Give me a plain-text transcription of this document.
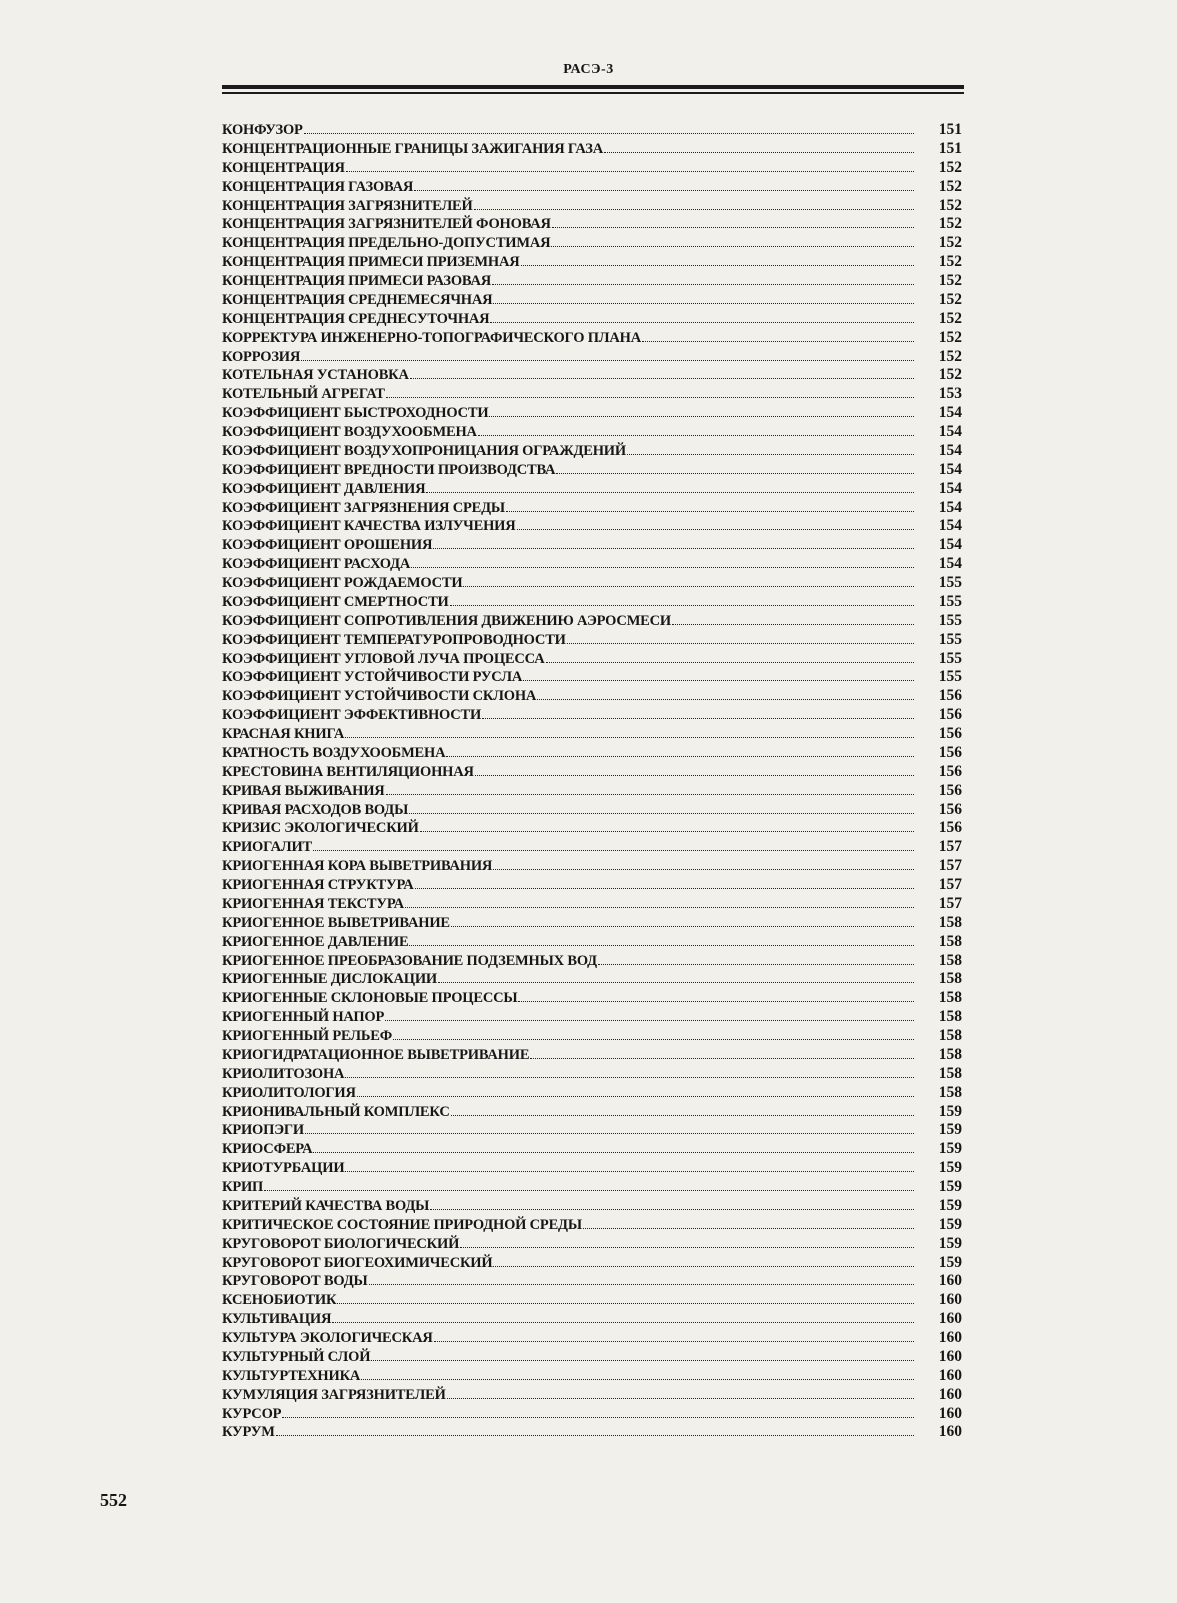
РАСЭ-3
КОНФУЗОР	151
КОНЦЕНТРАЦИОННЫЕ ГРАНИЦЫ ЗАЖИГАНИЯ ГАЗА	151
КОНЦЕНТРАЦИЯ	152
КОНЦЕНТРАЦИЯ ГАЗОВАЯ	152
КОНЦЕНТРАЦИЯ ЗАГРЯЗНИТЕЛЕЙ	152
КОНЦЕНТРАЦИЯ ЗАГРЯЗНИТЕЛЕЙ ФОНОВАЯ	152
КОНЦЕНТРАЦИЯ ПРЕДЕЛЬНО-ДОПУСТИМАЯ	152
КОНЦЕНТРАЦИЯ ПРИМЕСИ ПРИЗЕМНАЯ	152
КОНЦЕНТРАЦИЯ ПРИМЕСИ РАЗОВАЯ	152
КОНЦЕНТРАЦИЯ СРЕДНЕМЕСЯЧНАЯ	152
КОНЦЕНТРАЦИЯ СРЕДНЕСУТОЧНАЯ	152
КОРРЕКТУРА ИНЖЕНЕРНО-ТОПОГРАФИЧЕСКОГО ПЛАНА	152
КОРРОЗИЯ	152
КОТЕЛЬНАЯ УСТАНОВКА	152
КОТЕЛЬНЫЙ АГРЕГАТ	153
КОЭФФИЦИЕНТ БЫСТРОХОДНОСТИ	154
КОЭФФИЦИЕНТ ВОЗДУХООБМЕНА	154
КОЭФФИЦИЕНТ ВОЗДУХОПРОНИЦАНИЯ ОГРАЖДЕНИЙ	154
КОЭФФИЦИЕНТ ВРЕДНОСТИ ПРОИЗВОДСТВА	154
КОЭФФИЦИЕНТ ДАВЛЕНИЯ	154
КОЭФФИЦИЕНТ ЗАГРЯЗНЕНИЯ СРЕДЫ	154
КОЭФФИЦИЕНТ КАЧЕСТВА ИЗЛУЧЕНИЯ	154
КОЭФФИЦИЕНТ ОРОШЕНИЯ	154
КОЭФФИЦИЕНТ РАСХОДА	154
КОЭФФИЦИЕНТ РОЖДАЕМОСТИ	155
КОЭФФИЦИЕНТ СМЕРТНОСТИ	155
КОЭФФИЦИЕНТ СОПРОТИВЛЕНИЯ ДВИЖЕНИЮ АЭРОСМЕСИ	155
КОЭФФИЦИЕНТ ТЕМПЕРАТУРОПРОВОДНОСТИ	155
КОЭФФИЦИЕНТ УГЛОВОЙ ЛУЧА ПРОЦЕССА	155
КОЭФФИЦИЕНТ УСТОЙЧИВОСТИ РУСЛА	155
КОЭФФИЦИЕНТ УСТОЙЧИВОСТИ СКЛОНА	156
КОЭФФИЦИЕНТ ЭФФЕКТИВНОСТИ	156
КРАСНАЯ КНИГА	156
КРАТНОСТЬ ВОЗДУХООБМЕНА	156
КРЕСТОВИНА ВЕНТИЛЯЦИОННАЯ	156
КРИВАЯ ВЫЖИВАНИЯ	156
КРИВАЯ РАСХОДОВ ВОДЫ	156
КРИЗИС ЭКОЛОГИЧЕСКИЙ	156
КРИОГАЛИТ	157
КРИОГЕННАЯ КОРА ВЫВЕТРИВАНИЯ	157
КРИОГЕННАЯ СТРУКТУРА	157
КРИОГЕННАЯ ТЕКСТУРА	157
КРИОГЕННОЕ ВЫВЕТРИВАНИЕ	158
КРИОГЕННОЕ ДАВЛЕНИЕ	158
КРИОГЕННОЕ ПРЕОБРАЗОВАНИЕ ПОДЗЕМНЫХ ВОД	158
КРИОГЕННЫЕ ДИСЛОКАЦИИ	158
КРИОГЕННЫЕ СКЛОНОВЫЕ ПРОЦЕССЫ	158
КРИОГЕННЫЙ НАПОР	158
КРИОГЕННЫЙ РЕЛЬЕФ	158
КРИОГИДРАТАЦИОННОЕ ВЫВЕТРИВАНИЕ	158
КРИОЛИТОЗОНА	158
КРИОЛИТОЛОГИЯ	158
КРИОНИВАЛЬНЫЙ КОМПЛЕКС	159
КРИОПЭГИ	159
КРИОСФЕРА	159
КРИОТУРБАЦИИ	159
КРИП	159
КРИТЕРИЙ КАЧЕСТВА ВОДЫ	159
КРИТИЧЕСКОЕ СОСТОЯНИЕ ПРИРОДНОЙ СРЕДЫ	159
КРУГОВОРОТ БИОЛОГИЧЕСКИЙ	159
КРУГОВОРОТ БИОГЕОХИМИЧЕСКИЙ	159
КРУГОВОРОТ ВОДЫ	160
КСЕНОБИОТИК	160
КУЛЬТИВАЦИЯ	160
КУЛЬТУРА ЭКОЛОГИЧЕСКАЯ	160
КУЛЬТУРНЫЙ СЛОЙ	160
КУЛЬТУРТЕХНИКА	160
КУМУЛЯЦИЯ ЗАГРЯЗНИТЕЛЕЙ	160
КУРСОР	160
КУРУМ	160
552
